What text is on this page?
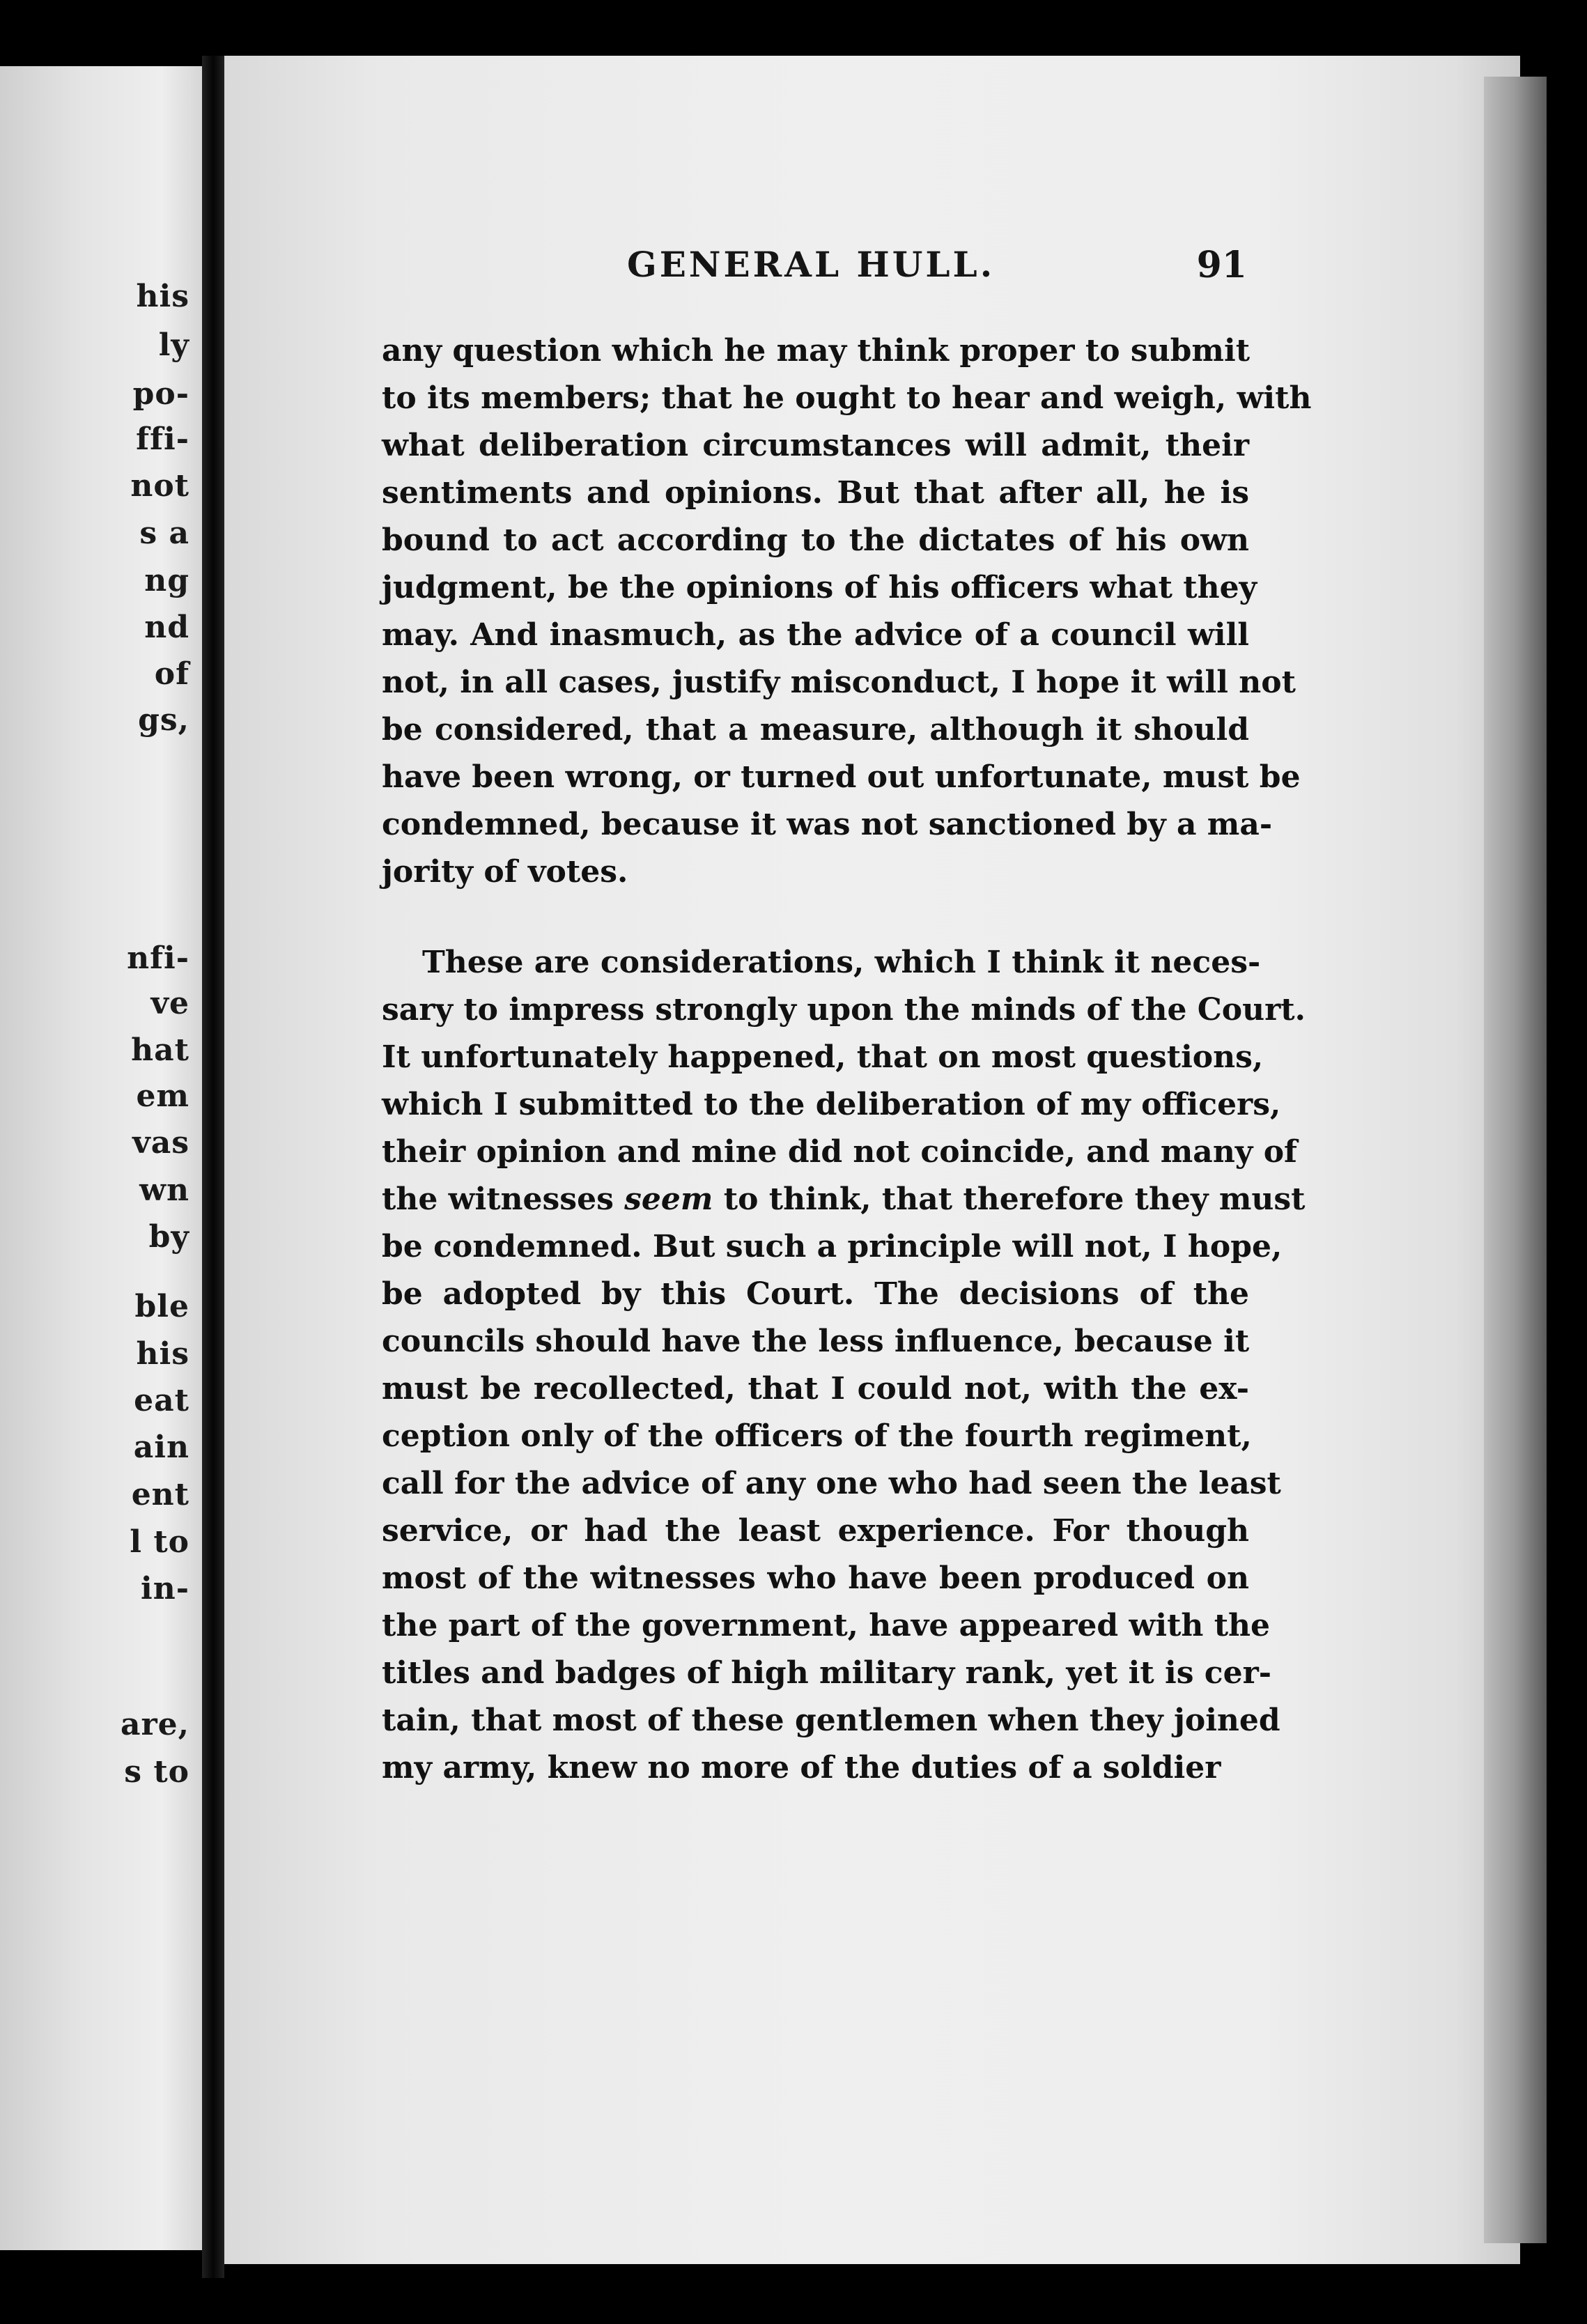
his
ly
po-
ffi-
not
s a
ng
nd
of
gs,
nfi-
ve
hat
em
vas
wn
by
ble
his
eat
ain
ent
l to
in-
are,
s to
GENERAL HULL.	91
any question which he may think proper to submit
to its members; that he ought to hear and weigh, with
what deliberation circumstances will admit, their
sentiments and opinions. But that after all, he is
bound to act according to the dictates of his own
judgment, be the opinions of his officers what they
may. And inasmuch, as the advice of a council will
not, in all cases, justify misconduct, I hope it will not
be considered, that a measure, although it should
have been wrong, or turned out unfortunate, must be
condemned, because it was not sanctioned by a ma-
jority of votes.
These are considerations, which I think it neces-
sary to impress strongly upon the minds of the Court.
It unfortunately happened, that on most questions,
which I submitted to the deliberation of my officers,
their opinion and mine did not coincide, and many of
the witnesses seem to think, that therefore they must
be condemned. But such a principle will not, I hope,
be adopted by this Court. The decisions of the
councils should have the less influence, because it
must be recollected, that I could not, with the ex-
ception only of the officers of the fourth regiment,
call for the advice of any one who had seen the least
service, or had the least experience. For though
most of the witnesses who have been produced on
the part of the government, have appeared with the
titles and badges of high military rank, yet it is cer-
tain, that most of these gentlemen when they joined
my army, knew no more of the duties of a soldier
